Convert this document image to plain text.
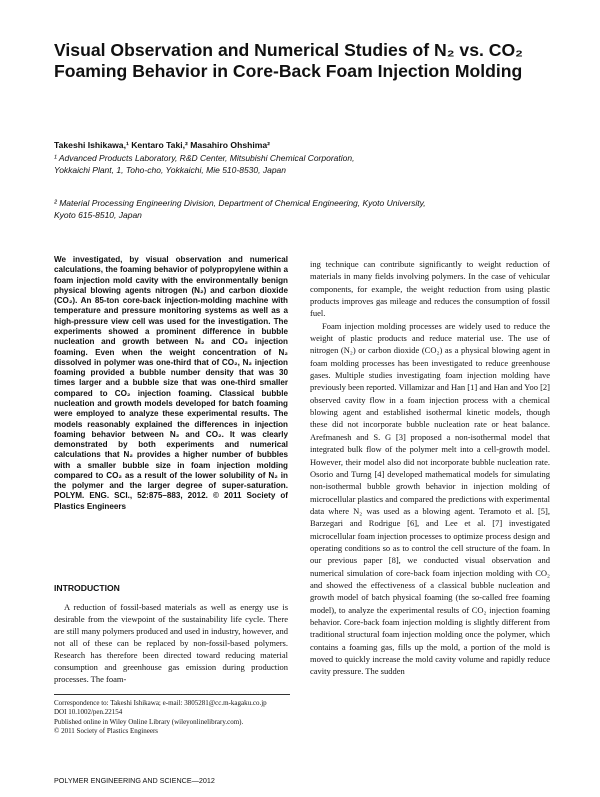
Visual Observation and Numerical Studies of N₂ vs. CO₂
Foaming Behavior in Core-Back Foam Injection Molding
Takeshi Ishikawa,¹ Kentaro Taki,² Masahiro Ohshima²
¹ Advanced Products Laboratory, R&D Center, Mitsubishi Chemical Corporation,
Yokkaichi Plant, 1, Toho-cho, Yokkaichi, Mie 510-8530, Japan
² Material Processing Engineering Division, Department of Chemical Engineering, Kyoto University,
Kyoto 615-8510, Japan

We investigated, by visual observation and numerical calculations, the foaming behavior of polypropylene within a foam injection mold cavity with the environmentally benign physical blowing agents nitrogen (N₂) and carbon dioxide (CO₂). An 85-ton core-back injection-molding machine with temperature and pressure monitoring systems as well as a high-pressure view cell was used for the investigation. The experiments showed a prominent difference in bubble nucleation and growth between N₂ and CO₂ injection foaming. Even when the weight concentration of N₂ dissolved in polymer was one-third that of CO₂, N₂ injection foaming provided a bubble number density that was 30 times larger and a bubble size that was one-third smaller compared to CO₂ injection foaming. Classical bubble nucleation and growth models developed for batch foaming were employed to analyze these experimental results. The models reasonably explained the differences in injection foaming behavior between N₂ and CO₂. It was clearly demonstrated by both experiments and numerical calculations that N₂ provides a higher number of bubbles with a smaller bubble size in foam injection molding compared to CO₂ as a result of the lower solubility of N₂ in the polymer and the larger degree of super-saturation. POLYM. ENG. SCI., 52:875–883, 2012. © 2011 Society of Plastics Engineers

INTRODUCTION

A reduction of fossil-based materials as well as energy use is desirable from the viewpoint of the sustainability life cycle. There are still many polymers produced and used in industry, however, and not all of these can be replaced by non-fossil-based polymers. Research has therefore been directed toward reducing material consumption and greenhouse gas emission during production processes. The foam-

Correspondence to: Takeshi Ishikawa; e-mail: 3805281@cc.m-kagaku.co.jp
DOI 10.1002/pen.22154
Published online in Wiley Online Library (wileyonlinelibrary.com).
© 2011 Society of Plastics Engineers

ing technique can contribute significantly to weight reduction of materials in many fields involving polymers. In the case of vehicular components, for example, the weight reduction from using plastic products improves gas mileage and reduces the consumption of fossil fuel.

Foam injection molding processes are widely used to reduce the weight of plastic products and reduce material use. The use of nitrogen (N₂) or carbon dioxide (CO₂) as a physical blowing agent in foam molding processes has been investigated to reduce greenhouse gases. Multiple studies investigating foam injection molding have previously been reported. Villamizar and Han [1] and Han and Yoo [2] observed cavity flow in a foam injection process with a chemical blowing agent and established isothermal kinetic models, though these did not incorporate bubble nucleation rate or heat balance. Arefmanesh and S. G [3] proposed a non-isothermal model that integrated bulk flow of the polymer melt into a cell-growth model. However, their model also did not incorporate bubble nucleation rate. Osorio and Turng [4] developed mathematical models for simulating non-isothermal bubble growth behavior in injection molding of microcellular plastics and compared the predictions with experimental data where N₂ was used as a blowing agent. Teramoto et al. [5], Barzegari and Rodrigue [6], and Lee et al. [7] investigated microcellular foam injection processes to optimize process design and operating conditions so as to control the cell structure of the foam. In our previous paper [8], we conducted visual observation and numerical simulation of core-back foam injection molding with CO₂ and showed the effectiveness of a classical bubble nucleation and growth model of batch physical foaming (the so-called free foaming model), to analyze the experimental results of CO₂ injection foaming behavior. Core-back foam injection molding is slightly different from traditional structural foam injection molding once the polymer, which contains a foaming gas, fills up the mold, a portion of the mold is moved to quickly increase the mold cavity volume and rapidly reduce cavity pressure. The sudden

POLYMER ENGINEERING AND SCIENCE—2012
